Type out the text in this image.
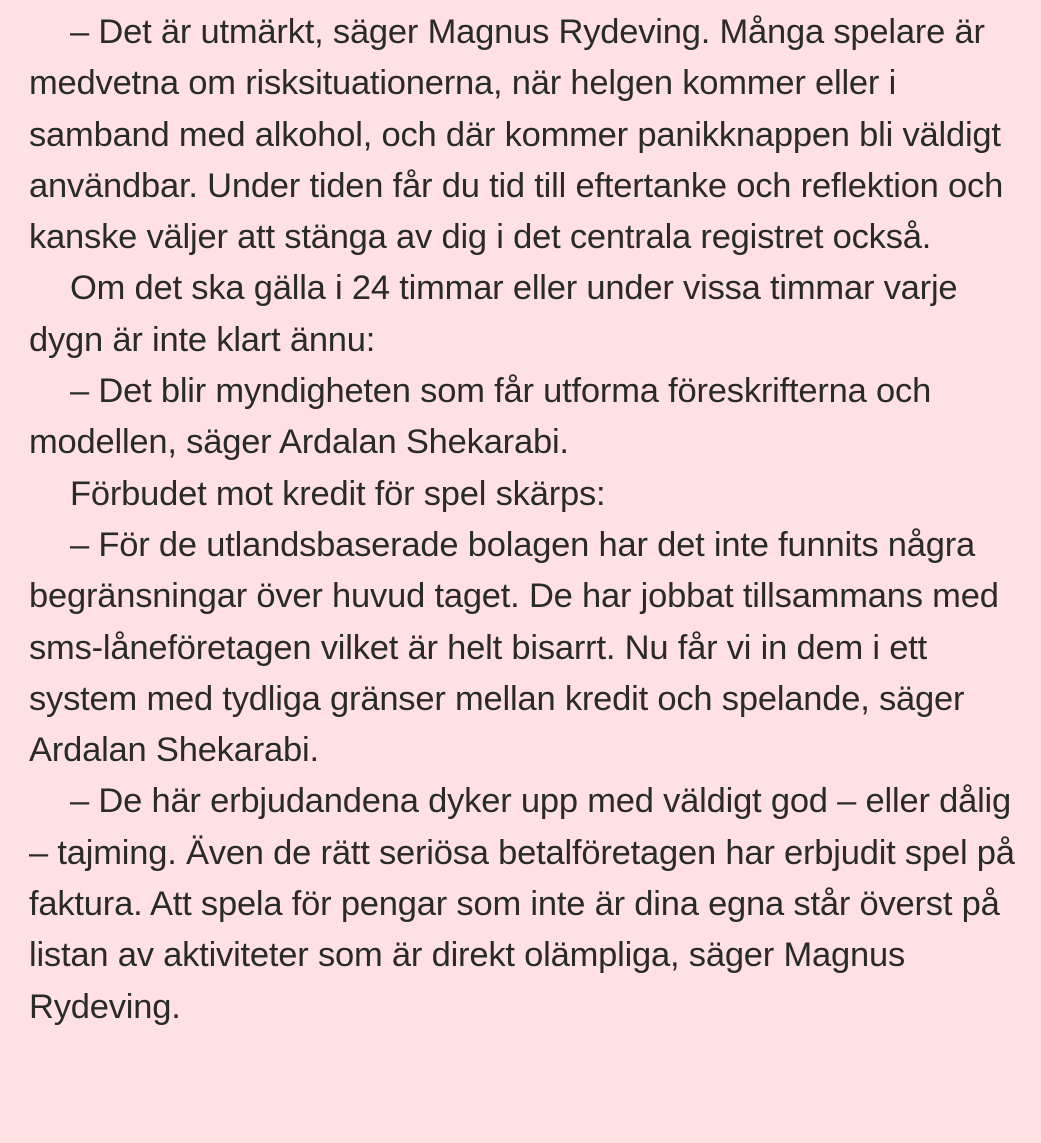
– Det är utmärkt, säger Magnus Rydeving. Många spelare är medvetna om risksituationerna, när helgen kommer eller i samband med alkohol, och där kommer panikknappen bli väldigt användbar. Under tiden får du tid till eftertanke och reflektion och kanske väljer att stänga av dig i det centrala registret också.

Om det ska gälla i 24 timmar eller under vissa timmar varje dygn är inte klart ännu:

– Det blir myndigheten som får utforma föreskrifterna och modellen, säger Ardalan Shekarabi.

Förbudet mot kredit för spel skärps:

– För de utlandsbaserade bolagen har det inte funnits några begränsningar över huvud taget. De har jobbat tillsammans med sms-låneföretagen vilket är helt bisarrt. Nu får vi in dem i ett system med tydliga gränser mellan kredit och spelande, säger Ardalan Shekarabi.

– De här erbjudandena dyker upp med väldigt god – eller dålig – tajming. Även de rätt seriösa betalföretagen har erbjudit spel på faktura. Att spela för pengar som inte är dina egna står överst på listan av aktiviteter som är direkt olämpliga, säger Magnus Rydeving.
